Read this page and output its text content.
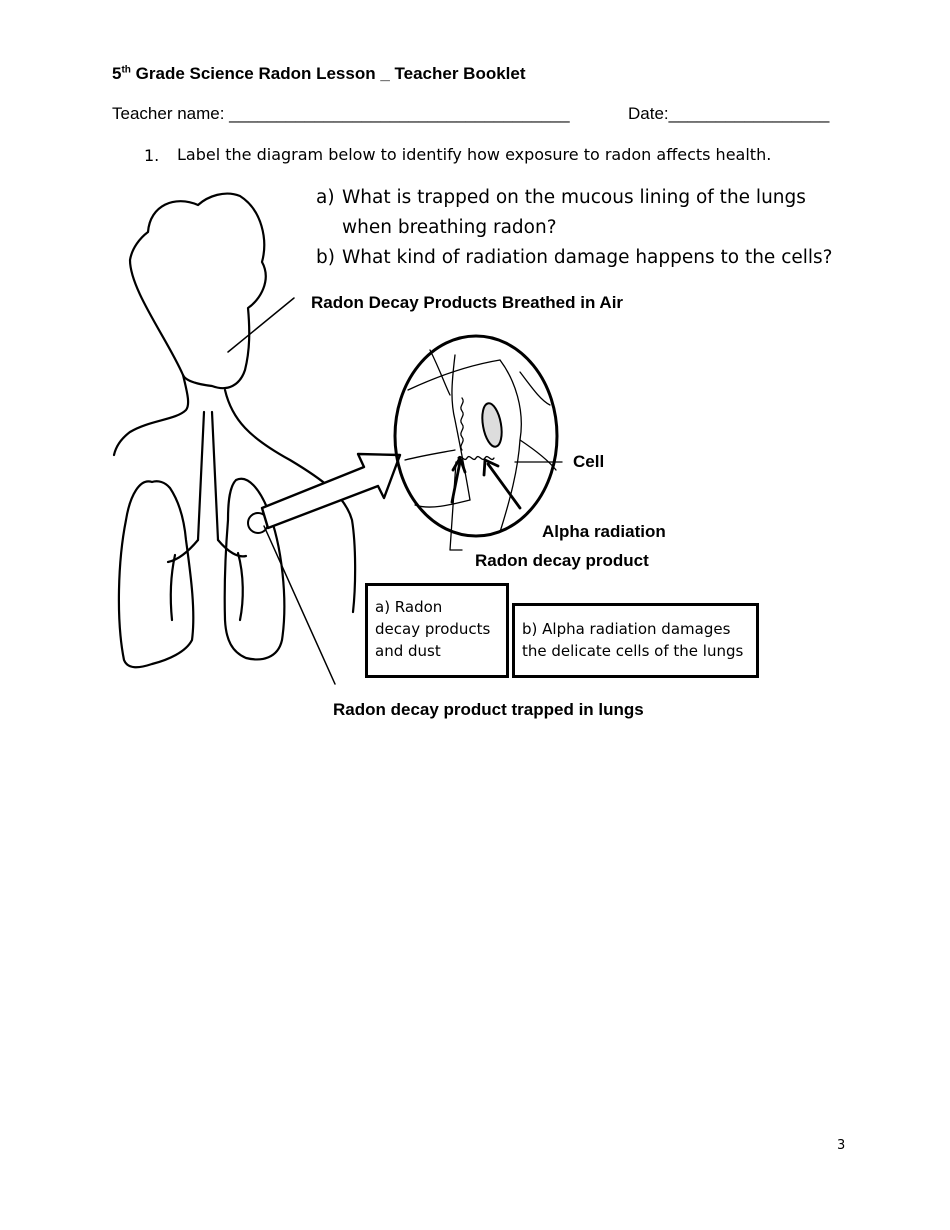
5th Grade Science Radon Lesson _ Teacher Booklet
Teacher name: ____________________________________	Date:_________________
1. Label the diagram below to identify how exposure to radon affects health.
a) What is trapped on the mucous lining of the lungs
when breathing radon?
b) What kind of radiation damage happens to the cells?
Radon Decay Products Breathed in Air
Cell
Alpha radiation
Radon decay product
Radon decay product trapped in lungs
a) Radon
decay products
and dust
b) Alpha radiation damages
the delicate cells of the lungs
3
